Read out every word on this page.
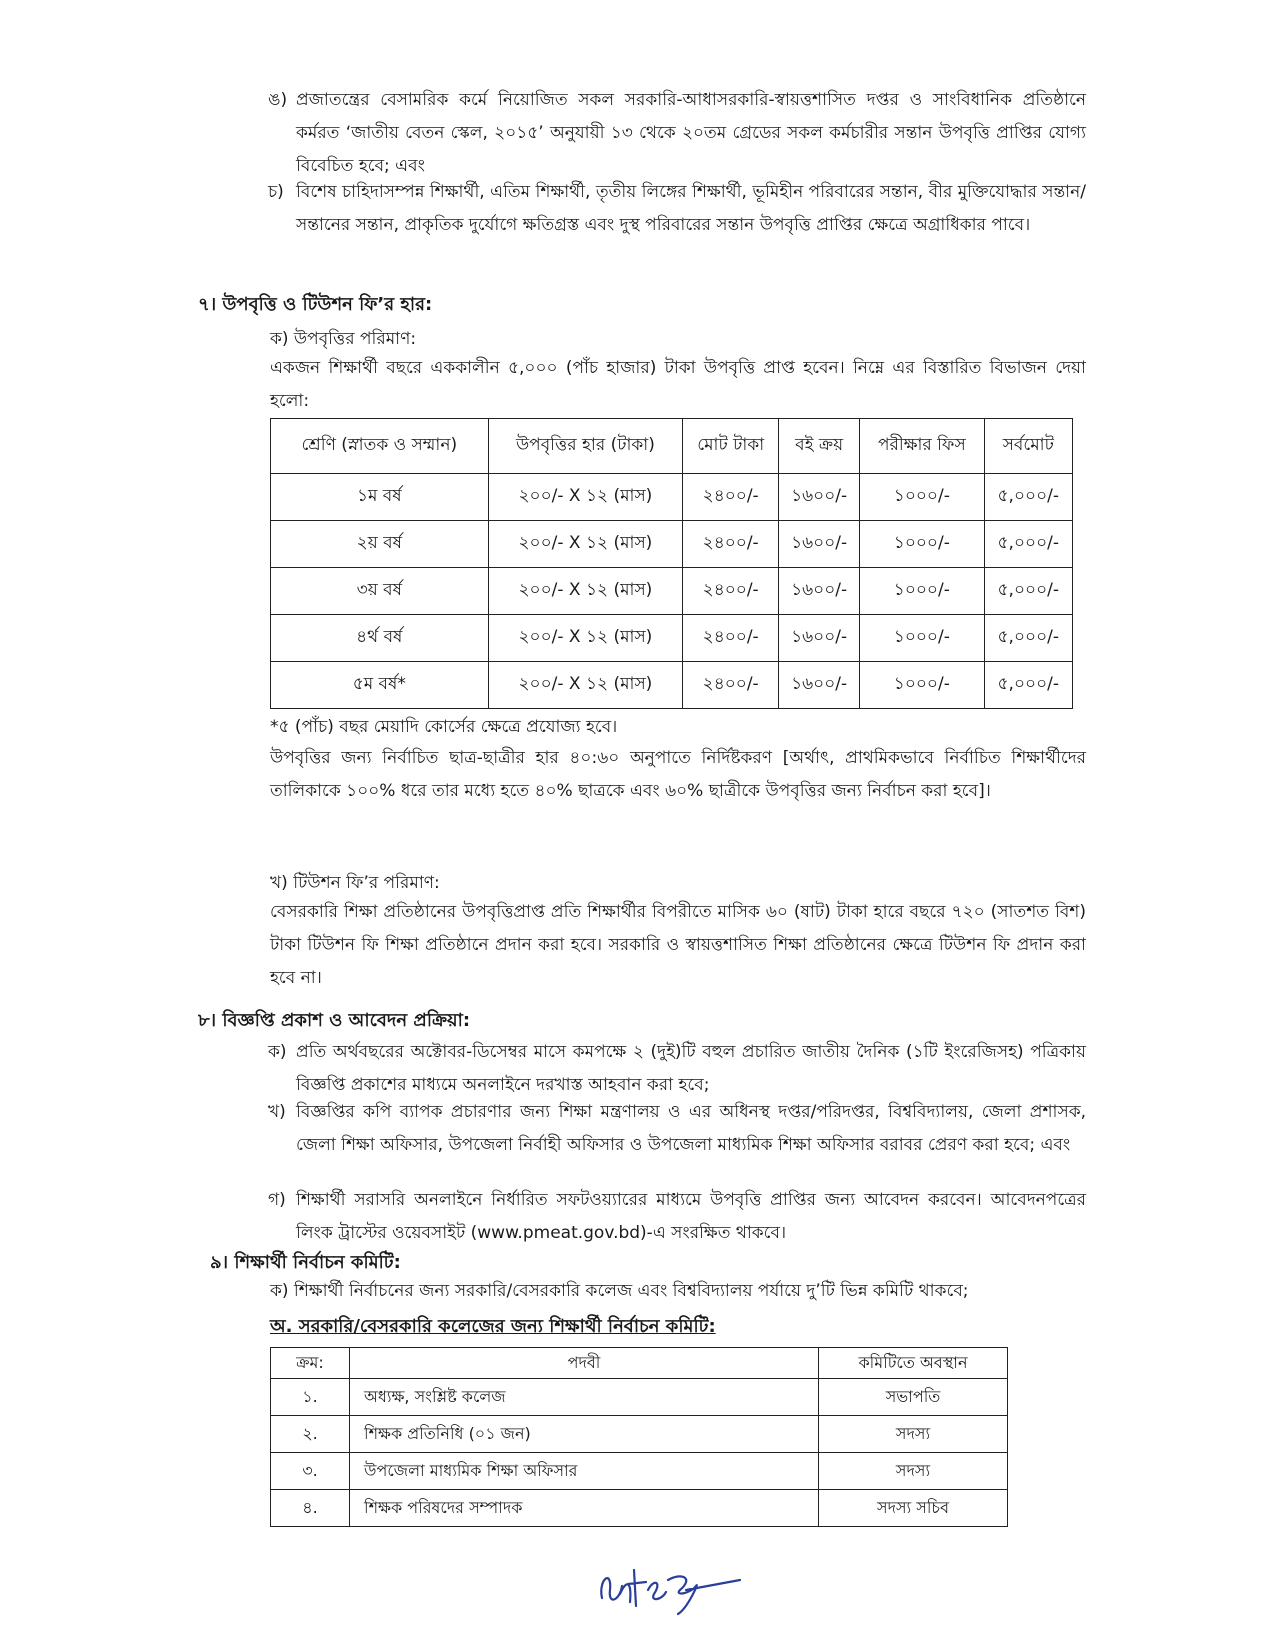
ঙ) প্রজাতন্ত্রের বেসামরিক কর্মে নিয়োজিত সকল সরকারি-আধাসরকারি-স্বায়ত্তশাসিত দপ্তর ও সাংবিধানিক প্রতিষ্ঠানে কর্মরত ‘জাতীয় বেতন স্কেল, ২০১৫’ অনুযায়ী ১৩ থেকে ২০তম গ্রেডের সকল কর্মচারীর সন্তান উপবৃত্তি প্রাপ্তির যোগ্য বিবেচিত হবে; এবং
চ) বিশেষ চাহিদাসম্পন্ন শিক্ষার্থী, এতিম শিক্ষার্থী, তৃতীয় লিঙ্গের শিক্ষার্থী, ভূমিহীন পরিবারের সন্তান, বীর মুক্তিযোদ্ধার সন্তান/সন্তানের সন্তান, প্রাকৃতিক দুর্যোগে ক্ষতিগ্রস্ত এবং দুস্থ পরিবারের সন্তান উপবৃত্তি প্রাপ্তির ক্ষেত্রে অগ্রাধিকার পাবে।
৭। উপবৃত্তি ও টিউশন ফি’র হার:
ক) উপবৃত্তির পরিমাণ:
একজন শিক্ষার্থী বছরে এককালীন ৫,০০০ (পাঁচ হাজার) টাকা উপবৃত্তি প্রাপ্ত হবেন। নিম্নে এর বিস্তারিত বিভাজন দেয়া হলো:
শ্রেণি (স্নাতক ও সম্মান)	উপবৃত্তির হার (টাকা)	মোট টাকা	বই ক্রয়	পরীক্ষার ফিস	সর্বমোট
১ম বর্ষ	২০০/- X ১২ (মাস)	২৪০০/-	১৬০০/-	১০০০/-	৫,০০০/-
২য় বর্ষ	২০০/- X ১২ (মাস)	২৪০০/-	১৬০০/-	১০০০/-	৫,০০০/-
৩য় বর্ষ	২০০/- X ১২ (মাস)	২৪০০/-	১৬০০/-	১০০০/-	৫,০০০/-
৪র্থ বর্ষ	২০০/- X ১২ (মাস)	২৪০০/-	১৬০০/-	১০০০/-	৫,০০০/-
৫ম বর্ষ*	২০০/- X ১২ (মাস)	২৪০০/-	১৬০০/-	১০০০/-	৫,০০০/-
*৫ (পাঁচ) বছর মেয়াদি কোর্সের ক্ষেত্রে প্রযোজ্য হবে।
উপবৃত্তির জন্য নির্বাচিত ছাত্র-ছাত্রীর হার ৪০:৬০ অনুপাতে নির্দিষ্টকরণ [অর্থাৎ, প্রাথমিকভাবে নির্বাচিত শিক্ষার্থীদের তালিকাকে ১০০% ধরে তার মধ্যে হতে ৪০% ছাত্রকে এবং ৬০% ছাত্রীকে উপবৃত্তির জন্য নির্বাচন করা হবে]।
খ) টিউশন ফি’র পরিমাণ:
বেসরকারি শিক্ষা প্রতিষ্ঠানের উপবৃত্তিপ্রাপ্ত প্রতি শিক্ষার্থীর বিপরীতে মাসিক ৬০ (ষাট) টাকা হারে বছরে ৭২০ (সাতশত বিশ) টাকা টিউশন ফি শিক্ষা প্রতিষ্ঠানে প্রদান করা হবে। সরকারি ও স্বায়ত্তশাসিত শিক্ষা প্রতিষ্ঠানের ক্ষেত্রে টিউশন ফি প্রদান করা হবে না।
৮। বিজ্ঞপ্তি প্রকাশ ও আবেদন প্রক্রিয়া:
ক) প্রতি অর্থবছরের অক্টোবর-ডিসেম্বর মাসে কমপক্ষে ২ (দুই)টি বহুল প্রচারিত জাতীয় দৈনিক (১টি ইংরেজিসহ) পত্রিকায় বিজ্ঞপ্তি প্রকাশের মাধ্যমে অনলাইনে দরখাস্ত আহবান করা হবে;
খ) বিজ্ঞপ্তির কপি ব্যাপক প্রচারণার জন্য শিক্ষা মন্ত্রণালয় ও এর অধিনস্থ দপ্তর/পরিদপ্তর, বিশ্ববিদ্যালয়, জেলা প্রশাসক, জেলা শিক্ষা অফিসার, উপজেলা নির্বাহী অফিসার ও উপজেলা মাধ্যমিক শিক্ষা অফিসার বরাবর প্রেরণ করা হবে; এবং
গ) শিক্ষার্থী সরাসরি অনলাইনে নির্ধারিত সফটওয়্যারের মাধ্যমে উপবৃত্তি প্রাপ্তির জন্য আবেদন করবেন। আবেদনপত্রের লিংক ট্রাস্টের ওয়েবসাইট (www.pmeat.gov.bd)-এ সংরক্ষিত থাকবে।
৯। শিক্ষার্থী নির্বাচন কমিটি:
ক) শিক্ষার্থী নির্বাচনের জন্য সরকারি/বেসরকারি কলেজ এবং বিশ্ববিদ্যালয় পর্যায়ে দু’টি ভিন্ন কমিটি থাকবে;
অ. সরকারি/বেসরকারি কলেজের জন্য শিক্ষার্থী নির্বাচন কমিটি:
ক্রম:	পদবী	কমিটিতে অবস্থান
১.	অধ্যক্ষ, সংশ্লিষ্ট কলেজ	সভাপতি
২.	শিক্ষক প্রতিনিধি (০১ জন)	সদস্য
৩.	উপজেলা মাধ্যমিক শিক্ষা অফিসার	সদস্য
৪.	শিক্ষক পরিষদের সম্পাদক	সদস্য সচিব
